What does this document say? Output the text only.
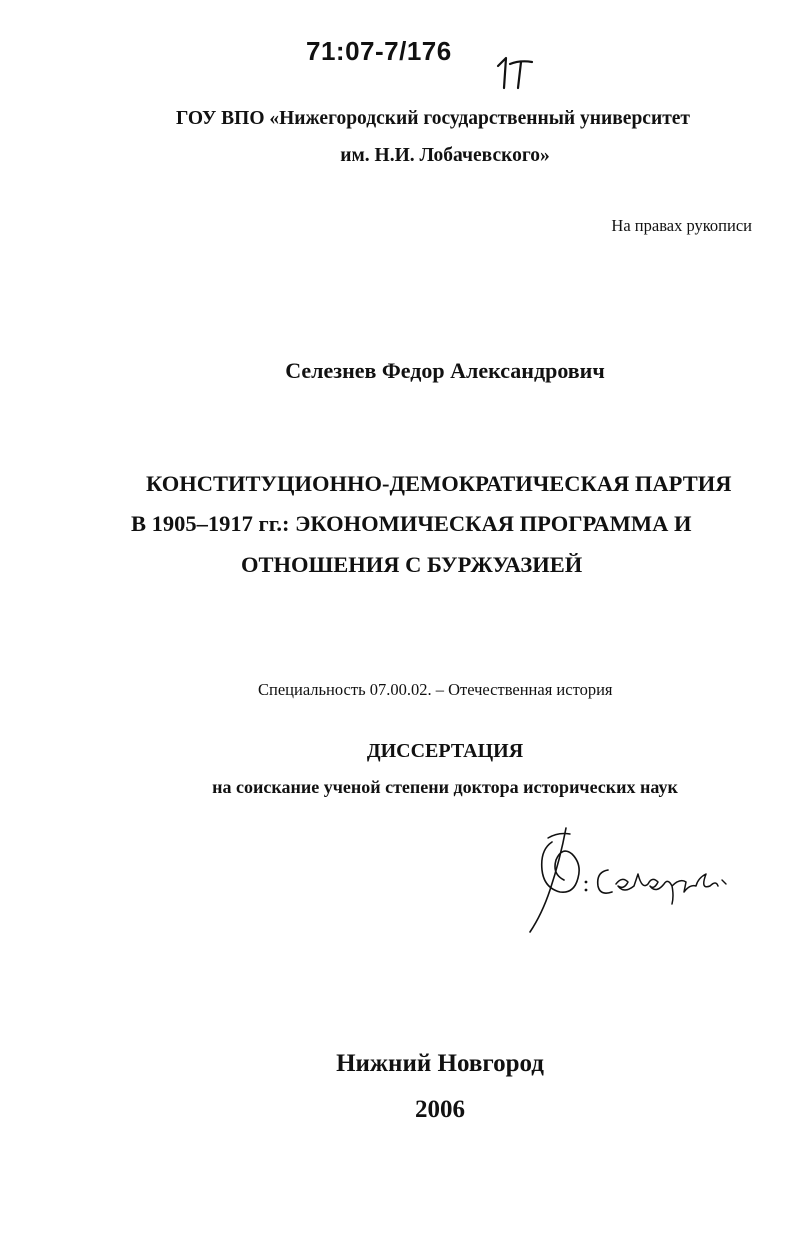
71:07-7/176
ГОУ ВПО «Нижегородский государственный университет
им. Н.И. Лобачевского»
На правах рукописи
Селезнев Федор Александрович
КОНСТИТУЦИОННО-ДЕМОКРАТИЧЕСКАЯ ПАРТИЯ
В 1905–1917 гг.: ЭКОНОМИЧЕСКАЯ ПРОГРАММА И
ОТНОШЕНИЯ С БУРЖУАЗИЕЙ
Специальность 07.00.02. – Отечественная история
ДИССЕРТАЦИЯ
на соискание ученой степени доктора исторических наук
Нижний Новгород
2006
